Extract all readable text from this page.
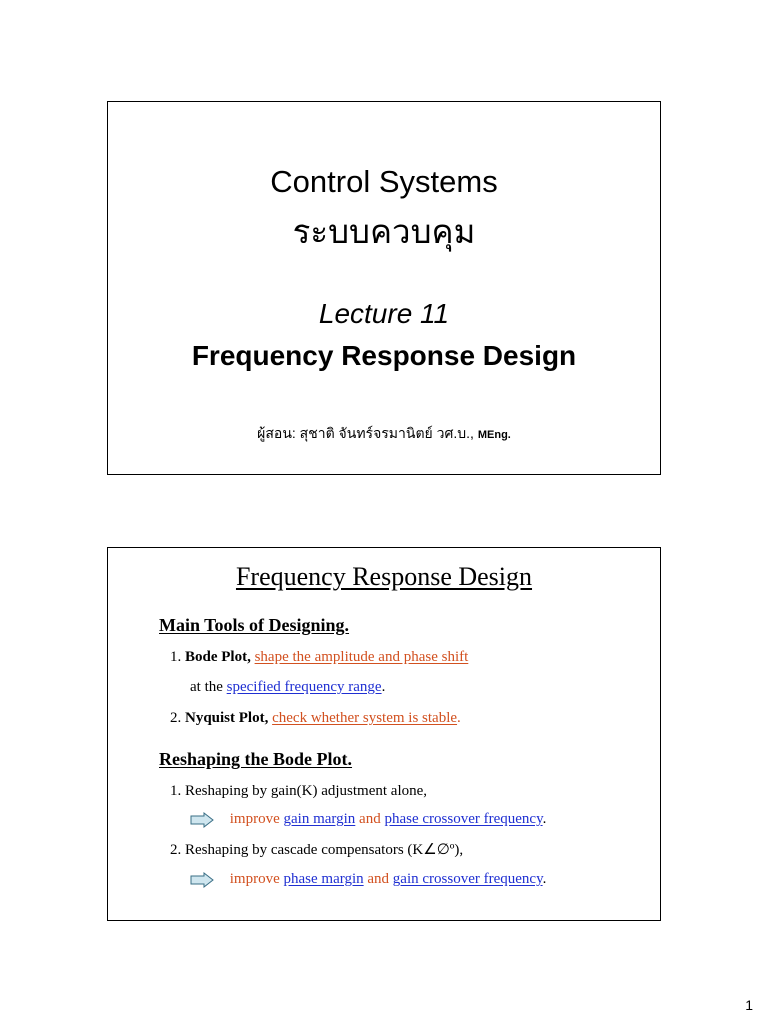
Control Systems
ระบบควบคุม
Lecture 11
Frequency Response Design
ผู้สอน: สุชาติ จันทร์จรมานิตย์ วศ.บ., MEng.
Frequency Response Design
Main Tools of Designing.
1. Bode Plot, shape the amplitude and phase shift
at the specified frequency range.
2. Nyquist Plot, check whether system is stable.
Reshaping the Bode Plot.
1. Reshaping by gain(K) adjustment alone,
improve gain margin and phase crossover frequency.
2. Reshaping by cascade compensators (K∠∅º),
improve phase margin and gain crossover frequency.
1
